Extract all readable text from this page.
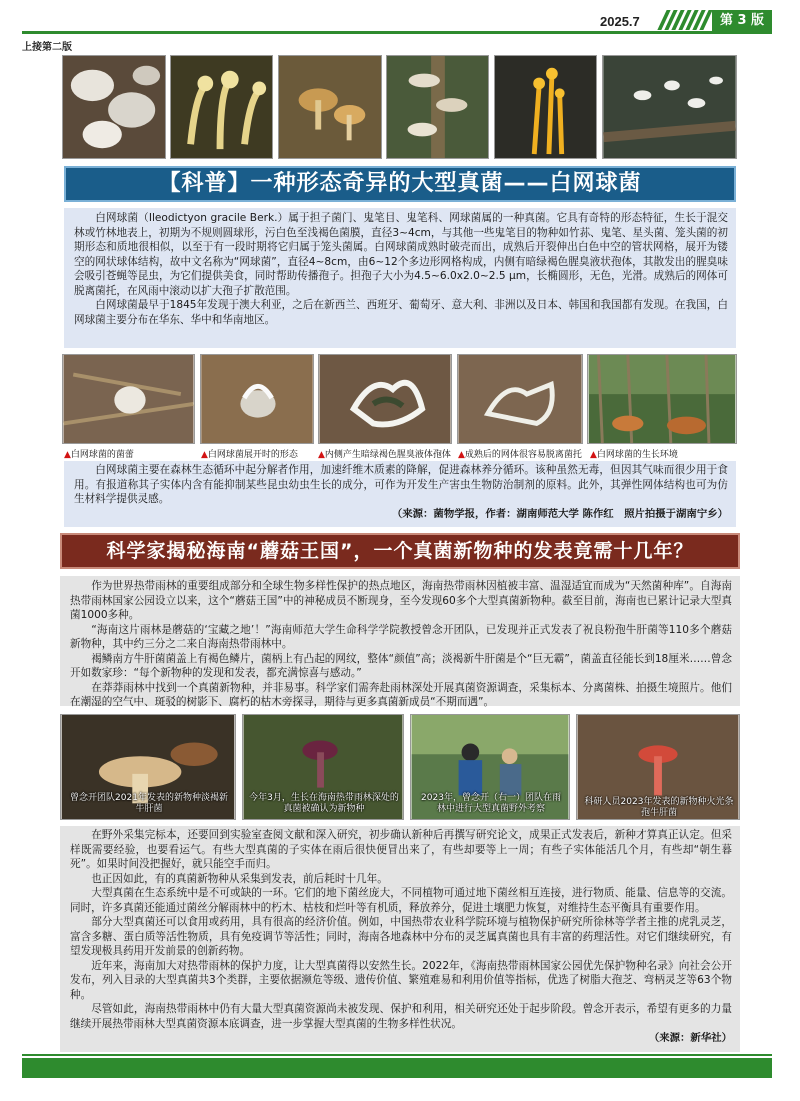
2025.7	第 3 版
上接第二版
【科普】一种形态奇异的大型真菌——白网球菌

白网球菌（Ileodictyon gracile Berk.）属于担子菌门、鬼笔目、鬼笔科、网球菌属的一种真菌。它具有奇特的形态特征，生长于混交林或竹林地表上，初期为不规则圆球形，污白色至浅褐色菌膜，直径3~4cm，与其他一些鬼笔目的物种如竹荪、鬼笔、星头菌、笼头菌的初期形态和质地很相似，以至于有一段时期将它归属于笼头菌属。白网球菌成熟时破壳而出，成熟后开裂伸出白色中空的管状网格，展开为镂空的网状球体结构，故中文名称为“网球菌”，直径4~8cm，由6~12个多边形网格构成，内侧有暗绿褐色腥臭液状孢体，其散发出的腥臭味会吸引苍蝇等昆虫，为它们提供美食，同时帮助传播孢子。担孢子大小为4.5~6.0x2.0~2.5 μm，长椭圆形，无色，光滑。成熟后的网体可脱离菌托，在风雨中滚动以扩大孢子扩散范围。

白网球菌最早于1845年发现于澳大利亚，之后在新西兰、西班牙、葡萄牙、意大利、非洲以及日本、韩国和我国都有发现。在我国，白网球菌主要分布在华东、华中和华南地区。

▲白网球菌的菌蕾	▲白网球菌展开时的形态 ▲内侧产生暗绿褐色腥臭液体孢体 ▲成熟后的网体很容易脱离菌托 ▲白网球菌的生长环境

白网球菌主要在森林生态循环中起分解者作用，加速纤维木质素的降解，促进森林养分循环。该种虽然无毒，但因其气味而很少用于食用。有报道称其子实体内含有能抑制某些昆虫幼虫生长的成分，可作为开发生产害虫生物防治制剂的原料。此外，其弹性网体结构也可为仿生材料学提供灵感。

（来源：菌物学报，作者：湖南师范大学 陈作红　照片拍摄于湖南宁乡）
科学家揭秘海南“蘑菇王国”，一个真菌新物种的发表竟需十几年？

作为世界热带雨林的重要组成部分和全球生物多样性保护的热点地区，海南热带雨林因植被丰富、温湿适宜而成为“天然菌种库”。自海南热带雨林国家公园设立以来，这个“蘑菇王国”中的神秘成员不断现身，至今发现60多个大型真菌新物种。截至目前，海南也已累计记录大型真菌1000多种。

“海南这片雨林是蘑菇的‘宝藏之地’！”海南师范大学生命科学学院教授曾念开团队，已发现并正式发表了祝良粉孢牛肝菌等110多个蘑菇新物种，其中约三分之二来自海南热带雨林中。

褐鳞南方牛肝菌菌盖上有褐色鳞片，菌柄上有凸起的网纹，整体“颜值”高；淡褐新牛肝菌是个“巨无霸”，菌盖直径能长到18厘米……曾念开如数家珍：“每个新物种的发现和发表，都充满惊喜与感动。”

在莽莽雨林中找到一个真菌新物种，并非易事。科学家们需奔赴雨林深处开展真菌资源调查，采集标本、分离菌株、拍摄生境照片。他们在潮湿的空气中、斑驳的树影下、腐朽的枯木旁探寻，期待与更多真菌新成员“不期而遇”。

曾念开团队2021年发表的新物种淡褐新牛肝菌
今年3月，生长在海南热带雨林深处的真菌被确认为新物种
2023年，曾念开（右一）团队在雨林中进行大型真菌野外考察
科研人员2023年发表的新物种火光条孢牛肝菌

在野外采集完标本，还要回到实验室查阅文献和深入研究，初步确认新种后再撰写研究论文，成果正式发表后，新种才算真正认定。但采样既需要经验，也要看运气。有些大型真菌的子实体在雨后很快便冒出来了，有些却要等上一周；有些子实体能活几个月，有些却“朝生暮死”。如果时间没把握好，就只能空手而归。

也正因如此，有的真菌新物种从采集到发表，前后耗时十几年。

大型真菌在生态系统中是不可或缺的一环。它们的地下菌丝庞大，不同植物可通过地下菌丝相互连接，进行物质、能量、信息等的交流。同时，许多真菌还能通过菌丝分解雨林中的朽木、枯枝和烂叶等有机质，释放养分，促进土壤肥力恢复，对维持生态平衡具有重要作用。

部分大型真菌还可以食用或药用，具有很高的经济价值。例如，中国热带农业科学院环境与植物保护研究所徐林等学者主推的虎乳灵芝，富含多糖、蛋白质等活性物质，具有免疫调节等活性；同时，海南各地森林中分布的灵芝属真菌也具有丰富的药理活性。对它们继续研究，有望发现极具药用开发前景的创新药物。

近年来，海南加大对热带雨林的保护力度，让大型真菌得以安然生长。2022年，《海南热带雨林国家公园优先保护物种名录》向社会公开发布，列入目录的大型真菌共3个类群，主要依据濒危等级、遗传价值、繁殖难易和利用价值等指标，优选了树脂大孢芝、弯柄灵芝等63个物种。

尽管如此，海南热带雨林中仍有大量大型真菌资源尚未被发现、保护和利用，相关研究还处于起步阶段。曾念开表示，希望有更多的力量继续开展热带雨林大型真菌资源本底调查，进一步掌握大型真菌的生物多样性状况。

（来源：新华社）
